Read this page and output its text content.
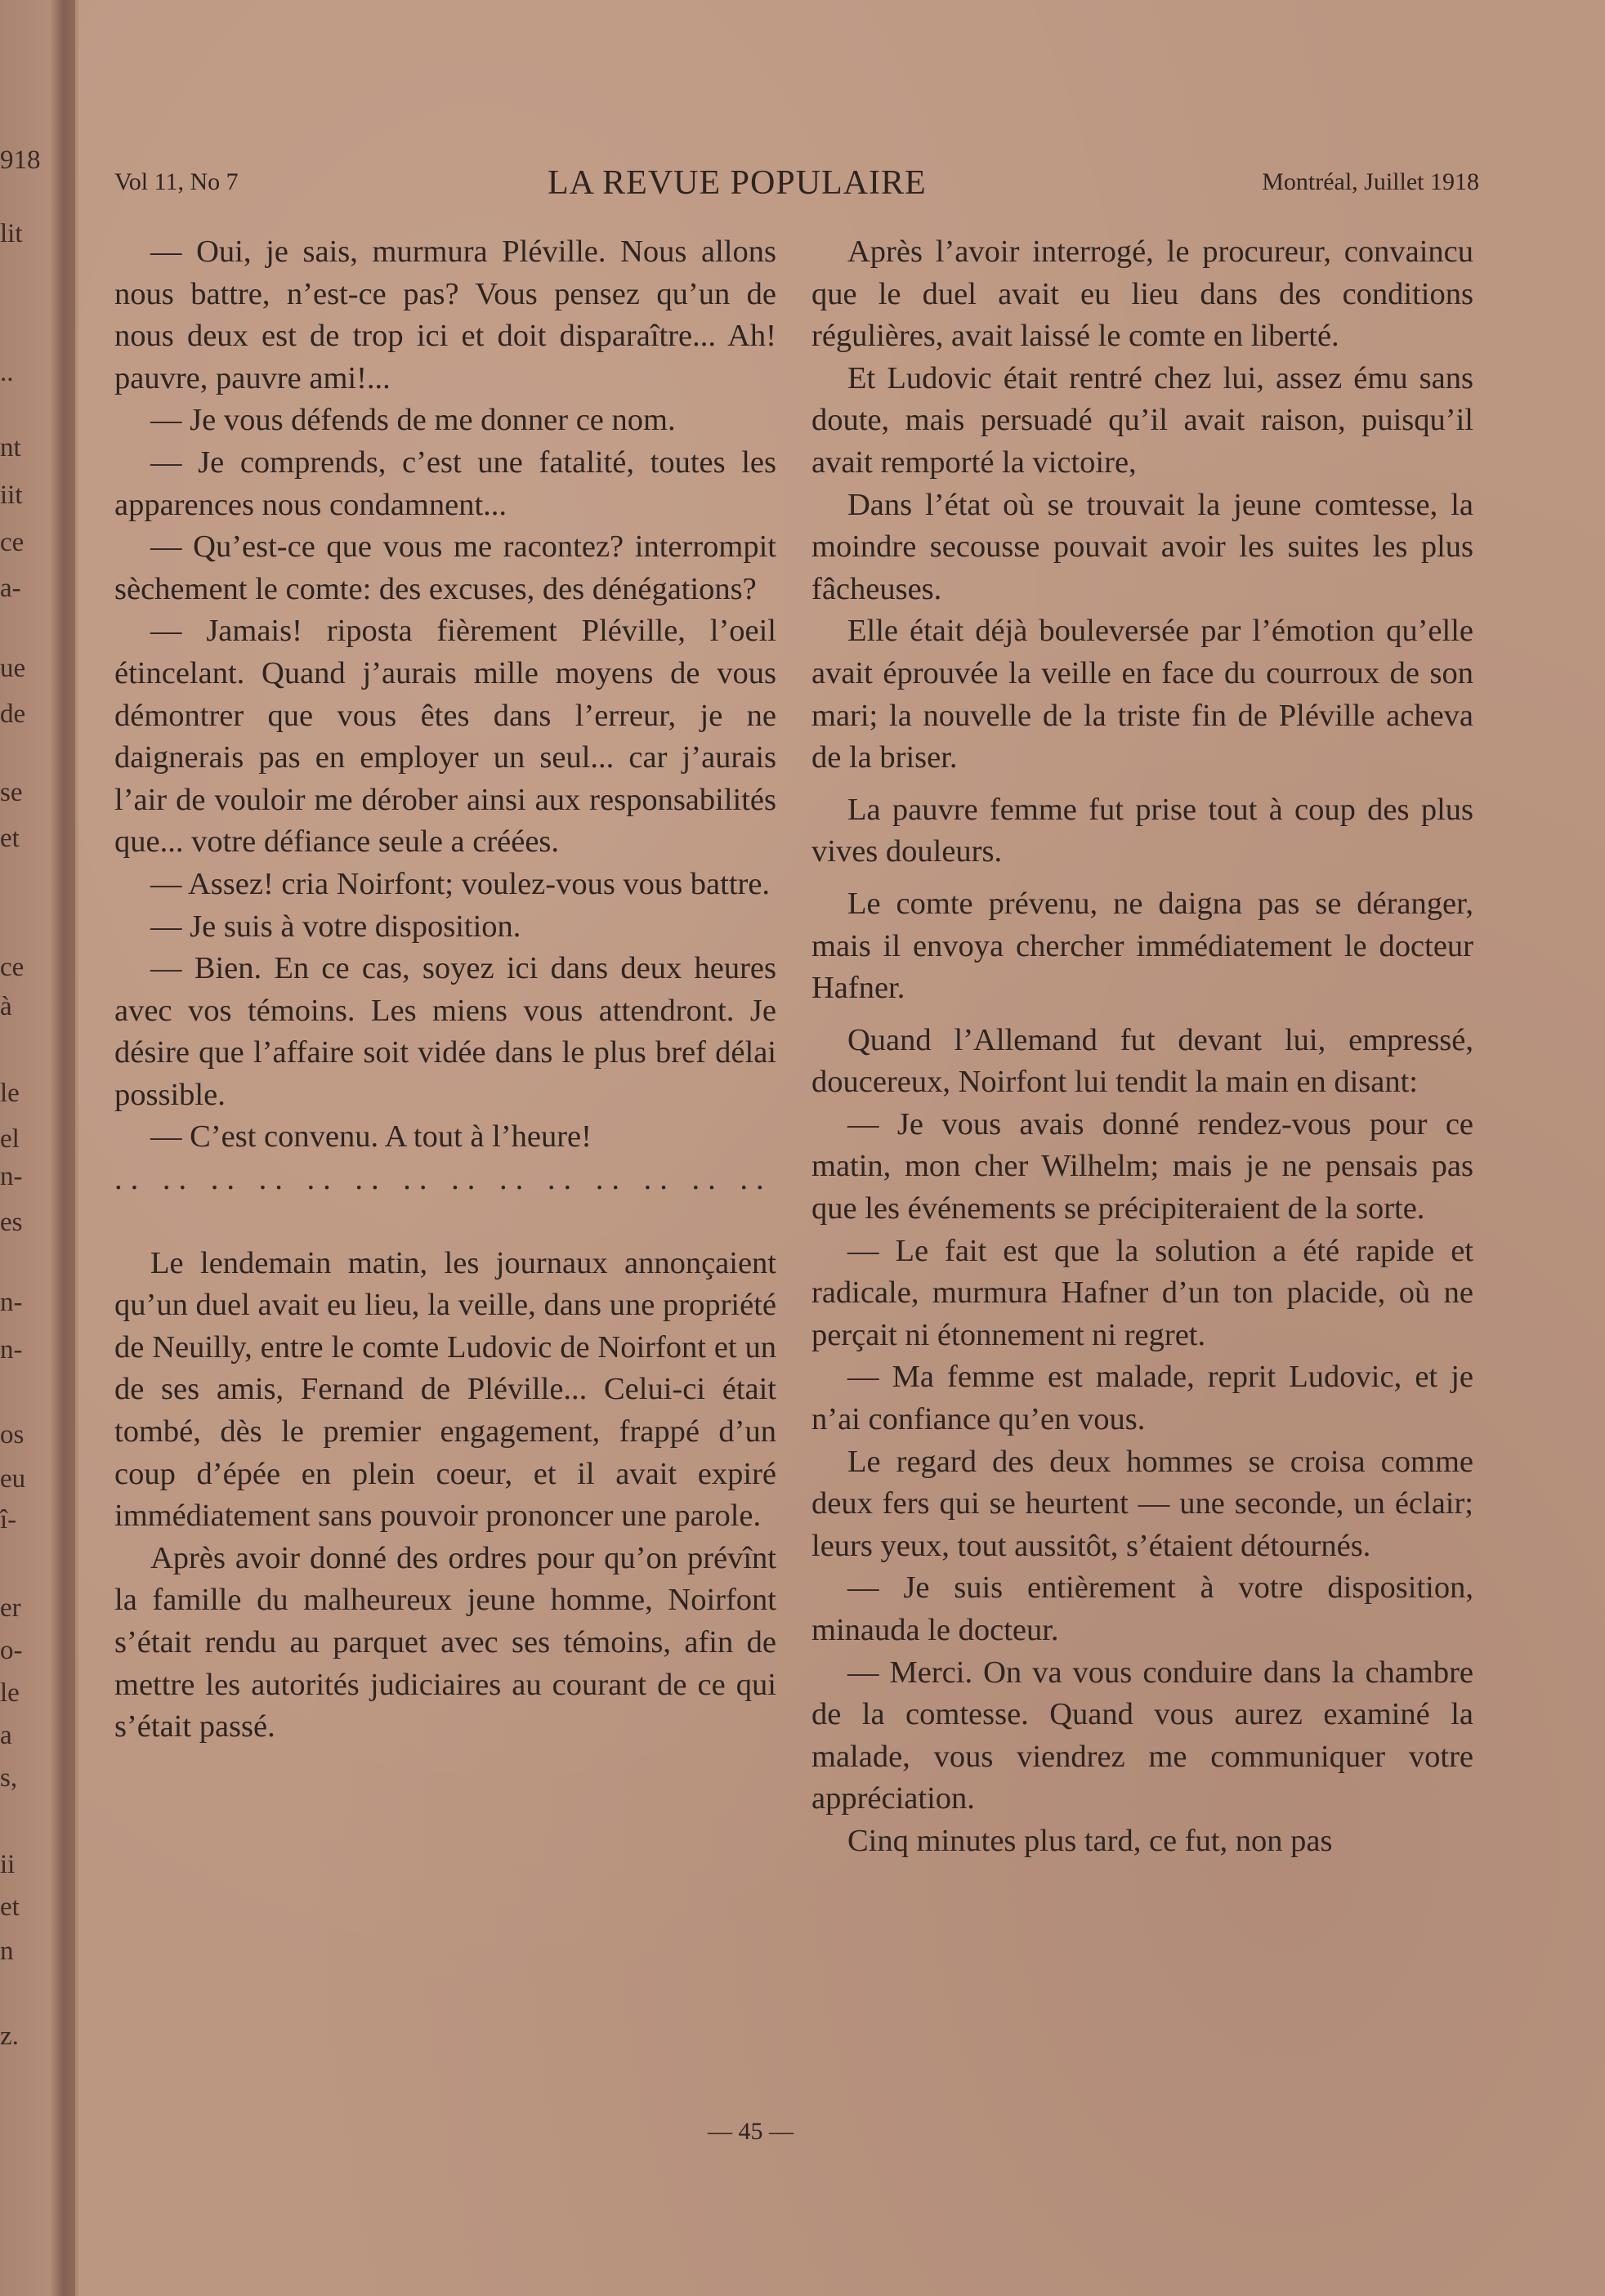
918
lit
..
nt
iit
ce
a-
ue
de
se
et
ce
à
le
el
n-
es
n-
n-
os
eu
î-
er
o-
le
a
s,
ii
et
n
z.
Vol 11, No 7	LA REVUE POPULAIRE	Montréal, Juillet 1918

— Oui, je sais, murmura Pléville. Nous allons nous battre, n’est-ce pas? Vous pensez qu’un de nous deux est de trop ici et doit disparaître... Ah! pauvre, pauvre ami!...

— Je vous défends de me donner ce nom.

— Je comprends, c’est une fatalité, toutes les apparences nous condamnent...

— Qu’est-ce que vous me racontez? interrompit sèchement le comte: des excuses, des dénégations?

— Jamais! riposta fièrement Pléville, l’oeil étincelant. Quand j’aurais mille moyens de vous démontrer que vous êtes dans l’erreur, je ne daignerais pas en employer un seul... car j’aurais l’air de vouloir me dérober ainsi aux responsabilités que... votre défiance seule a créées.

— Assez! cria Noirfont; voulez-vous vous battre.

— Je suis à votre disposition.

— Bien. En ce cas, soyez ici dans deux heures avec vos témoins. Les miens vous attendront. Je désire que l’affaire soit vidée dans le plus bref délai possible.

— C’est convenu. A tout à l’heure!

.. .. .. .. .. .. .. .. .. .. .. .. .. ..

Le lendemain matin, les journaux annonçaient qu’un duel avait eu lieu, la veille, dans une propriété de Neuilly, entre le comte Ludovic de Noirfont et un de ses amis, Fernand de Pléville... Celui-ci était tombé, dès le premier engagement, frappé d’un coup d’épée en plein coeur, et il avait expiré immédiatement sans pouvoir prononcer une parole.

Après avoir donné des ordres pour qu’on prévînt la famille du malheureux jeune homme, Noirfont s’était rendu au parquet avec ses témoins, afin de mettre les autorités judiciaires au courant de ce qui s’était passé.

Après l’avoir interrogé, le procureur, convaincu que le duel avait eu lieu dans des conditions régulières, avait laissé le comte en liberté.

Et Ludovic était rentré chez lui, assez ému sans doute, mais persuadé qu’il avait raison, puisqu’il avait remporté la victoire,

Dans l’état où se trouvait la jeune comtesse, la moindre secousse pouvait avoir les suites les plus fâcheuses.

Elle était déjà bouleversée par l’émotion qu’elle avait éprouvée la veille en face du courroux de son mari; la nouvelle de la triste fin de Pléville acheva de la briser.

La pauvre femme fut prise tout à coup des plus vives douleurs.

Le comte prévenu, ne daigna pas se déranger, mais il envoya chercher immédiatement le docteur Hafner.

Quand l’Allemand fut devant lui, empressé, doucereux, Noirfont lui tendit la main en disant:

— Je vous avais donné rendez-vous pour ce matin, mon cher Wilhelm; mais je ne pensais pas que les événements se précipiteraient de la sorte.

— Le fait est que la solution a été rapide et radicale, murmura Hafner d’un ton placide, où ne perçait ni étonnement ni regret.

— Ma femme est malade, reprit Ludovic, et je n’ai confiance qu’en vous.

Le regard des deux hommes se croisa comme deux fers qui se heurtent — une seconde, un éclair; leurs yeux, tout aussitôt, s’étaient détournés.

— Je suis entièrement à votre disposition, minauda le docteur.

— Merci. On va vous conduire dans la chambre de la comtesse. Quand vous aurez examiné la malade, vous viendrez me communiquer votre appréciation.

Cinq minutes plus tard, ce fut, non pas

— 45 —
